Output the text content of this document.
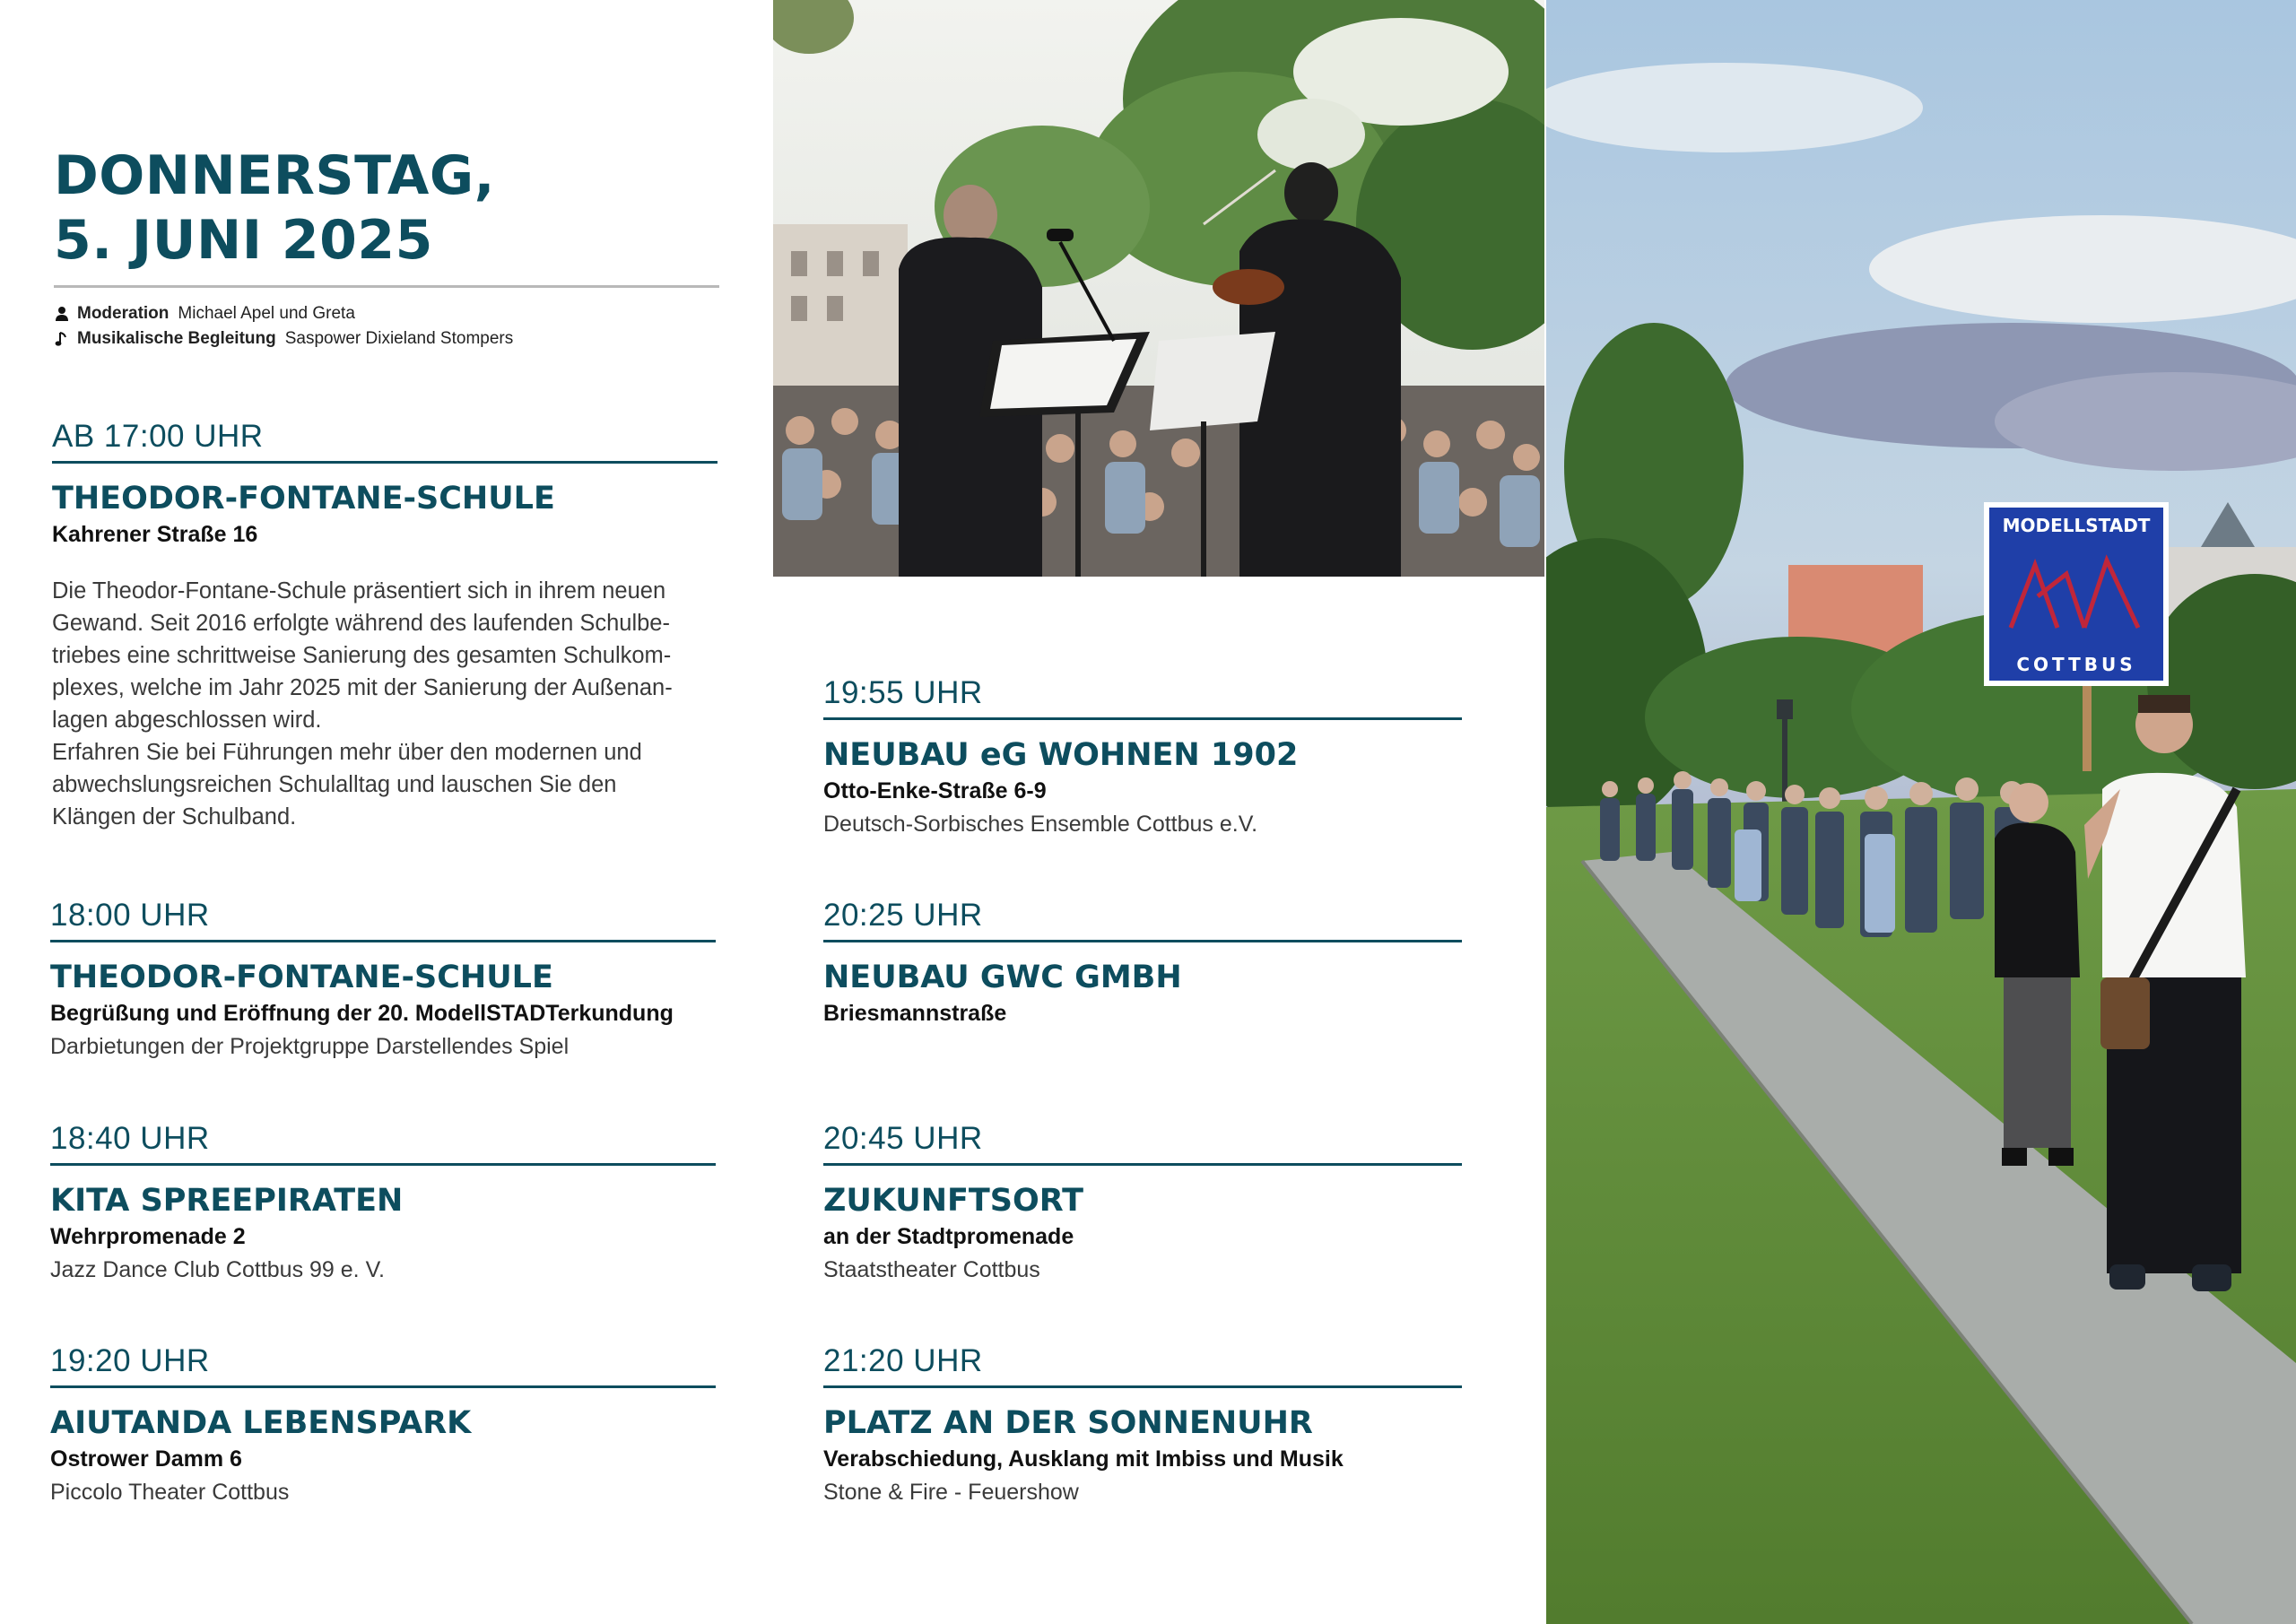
DONNERSTAG,
5. JUNI 2025
Moderation Michael Apel und Greta
Musikalische Begleitung Saspower Dixieland Stompers
AB 17:00 UHR
THEODOR-FONTANE-SCHULE
Kahrener Straße 16
Die Theodor-Fontane-Schule präsentiert sich in ihrem neuen
Gewand. Seit 2016 erfolgte während des laufenden Schulbe-
triebes eine schrittweise Sanierung des gesamten Schulkom-
plexes, welche im Jahr 2025 mit der Sanierung der Außenan-
lagen abgeschlossen wird.
Erfahren Sie bei Führungen mehr über den modernen und
abwechslungsreichen Schulalltag und lauschen Sie den
Klängen der Schulband.
18:00 UHR
THEODOR-FONTANE-SCHULE
Begrüßung und Eröffnung der 20. ModellSTADTerkundung
Darbietungen der Projektgruppe Darstellendes Spiel
18:40 UHR
KITA SPREEPIRATEN
Wehrpromenade 2
Jazz Dance Club Cottbus 99 e. V.
19:20 UHR
AIUTANDA LEBENSPARK
Ostrower Damm 6
Piccolo Theater Cottbus
19:55 UHR
NEUBAU eG WOHNEN 1902
Otto-Enke-Straße 6-9
Deutsch-Sorbisches Ensemble Cottbus e.V.
20:25 UHR
NEUBAU GWC GMBH
Briesmannstraße
20:45 UHR
ZUKUNFTSORT
an der Stadtpromenade
Staatstheater Cottbus
21:20 UHR
PLATZ AN DER SONNENUHR
Verabschiedung, Ausklang mit Imbiss und Musik
Stone & Fire - Feuershow
MODELLSTADT
COTTBUS
